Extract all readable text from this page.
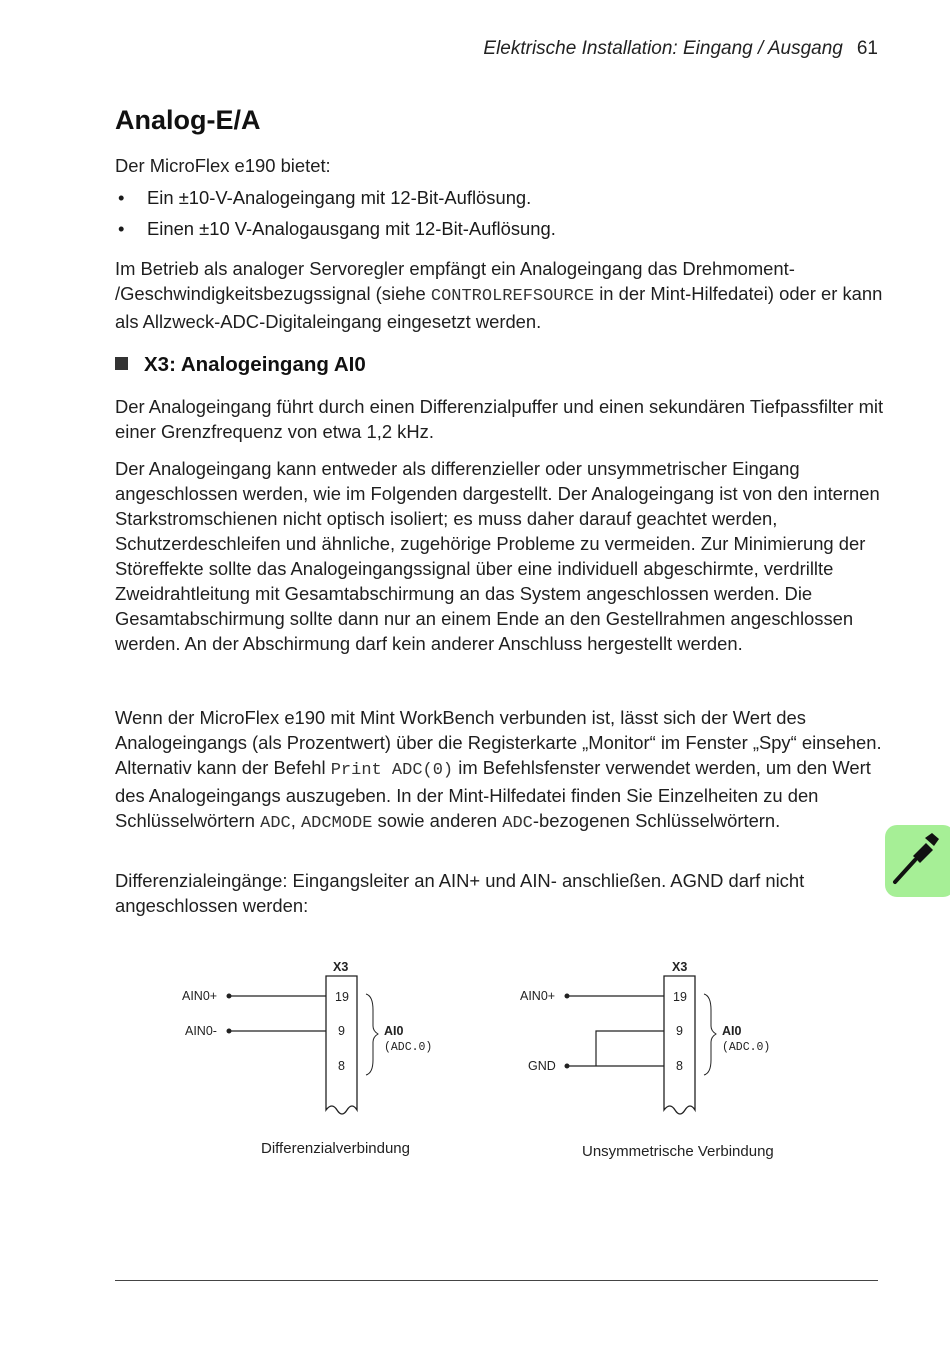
Elektrische Installation: Eingang / Ausgang 61
Analog-E/A
Der MicroFlex e190 bietet:
• Ein ±10-V-Analogeingang mit 12-Bit-Auflösung.
• Einen ±10 V-Analogausgang mit 12-Bit-Auflösung.
Im Betrieb als analoger Servoregler empfängt ein Analogeingang das Drehmoment- /Geschwindigkeitsbezugssignal (siehe CONTROLREFSOURCE in der Mint-Hilfedatei) oder er kann als Allzweck-ADC-Digitaleingang eingesetzt werden.
X3: Analogeingang AI0
Der Analogeingang führt durch einen Differenzialpuffer und einen sekundären Tiefpassfilter mit einer Grenzfrequenz von etwa 1,2 kHz.
Der Analogeingang kann entweder als differenzieller oder unsymmetrischer Eingang angeschlossen werden, wie im Folgenden dargestellt. Der Analogeingang ist von den internen Starkstromschienen nicht optisch isoliert; es muss daher darauf geachtet werden, Schutzerdeschleifen und ähnliche, zugehörige Probleme zu vermeiden. Zur Minimierung der Störeffekte sollte das Analogeingangssignal über eine individuell abgeschirmte, verdrillte Zweidrahtleitung mit Gesamtabschirmung an das System angeschlossen werden. Die Gesamtabschirmung sollte dann nur an einem Ende an den Gestellrahmen angeschlossen werden. An der Abschirmung darf kein anderer Anschluss hergestellt werden.
Wenn der MicroFlex e190 mit Mint WorkBench verbunden ist, lässt sich der Wert des Analogeingangs (als Prozentwert) über die Registerkarte „Monitor“ im Fenster „Spy“ einsehen. Alternativ kann der Befehl Print ADC(0) im Befehlsfenster verwendet werden, um den Wert des Analogeingangs auszugeben. In der Mint-Hilfedatei finden Sie Einzelheiten zu den Schlüsselwörtern ADC, ADCMODE sowie anderen ADC-bezogenen Schlüsselwörtern.
Differenzialeingänge: Eingangsleiter an AIN+ und AIN- anschließen. AGND darf nicht angeschlossen werden:
X3
19
9
8
AIN0+
AIN0-	AI0
(ADC.0)
X3
19
9
8
AIN0+
GND
AI0
(ADC.0)
Differenzialverbindung	Unsymmetrische Verbindung
